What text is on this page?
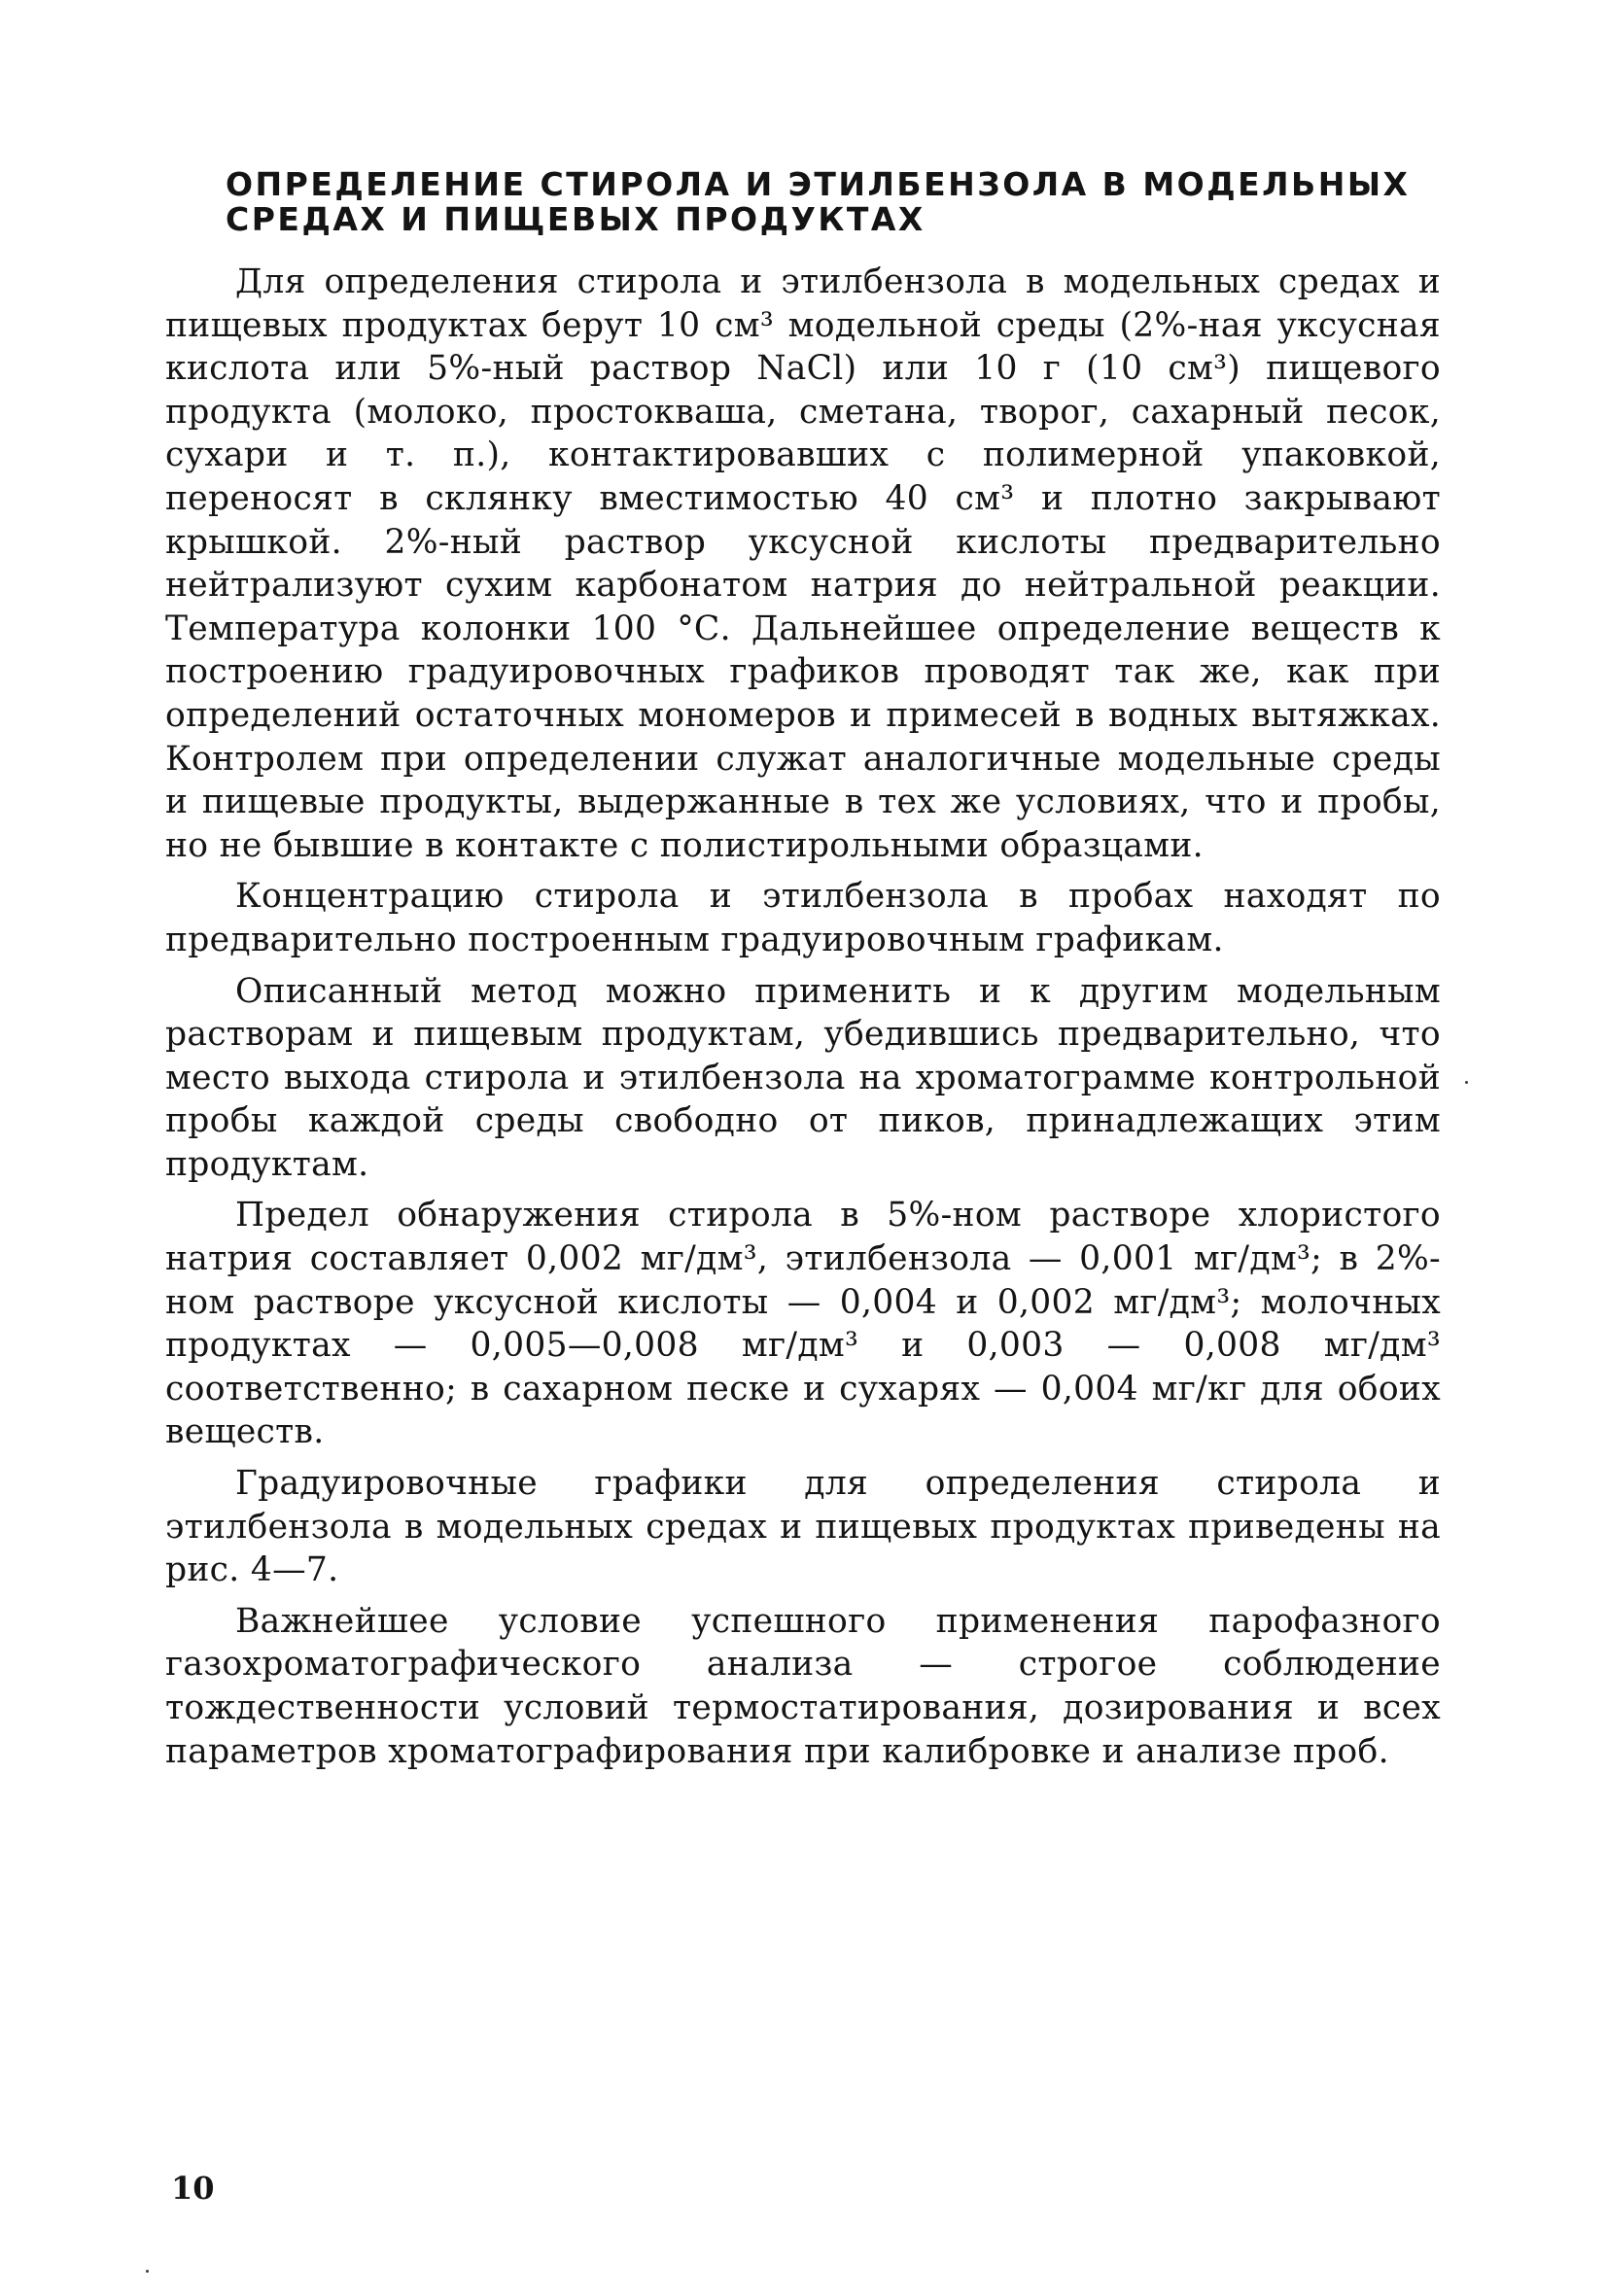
ОПРЕДЕЛЕНИЕ СТИРОЛА И ЭТИЛБЕНЗОЛА В МОДЕЛЬНЫХ
СРЕДАХ И ПИЩЕВЫХ ПРОДУКТАХ

Для определения стирола и этилбензола в модельных средах и пищевых продуктах берут 10 см³ модельной среды (2%-ная уксусная кислота или 5%-ный раствор NaCl) или 10 г (10 см³) пищевого продукта (молоко, простокваша, сметана, творог, сахарный песок, сухари и т. п.), контактировавших с полимерной упаковкой, переносят в склянку вместимостью 40 см³ и плотно закрывают крышкой. 2%-ный раствор уксусной кислоты предварительно нейтрализуют сухим карбонатом натрия до нейтральной реакции. Температура колонки 100 °С. Дальнейшее определение веществ к построению градуировочных графиков проводят так же, как при определений остаточных мономеров и примесей в водных вытяжках. Контролем при определении служат аналогичные модельные среды и пищевые продукты, выдержанные в тех же условиях, что и пробы, но не бывшие в контакте с полистирольными образцами.

Концентрацию стирола и этилбензола в пробах находят по предварительно построенным градуировочным графикам.

Описанный метод можно применить и к другим модельным растворам и пищевым продуктам, убедившись предварительно, что место выхода стирола и этилбензола на хроматограмме контрольной пробы каждой среды свободно от пиков, принадлежащих этим продуктам.

Предел обнаружения стирола в 5%-ном растворе хлористого натрия составляет 0,002 мг/дм³, этилбензола — 0,001 мг/дм³; в 2%-ном растворе уксусной кислоты — 0,004 и 0,002 мг/дм³; молочных продуктах — 0,005—0,008 мг/дм³ и 0,003 — 0,008 мг/дм³ соответственно; в сахарном песке и сухарях — 0,004 мг/кг для обоих веществ.

Градуировочные графики для определения стирола и этилбензола в модельных средах и пищевых продуктах приведены на рис. 4—7.

Важнейшее условие успешного применения парофазного газохроматографического анализа — строгое соблюдение тождественности условий термостатирования, дозирования и всех параметров хроматографирования при калибровке и анализе проб.

10
